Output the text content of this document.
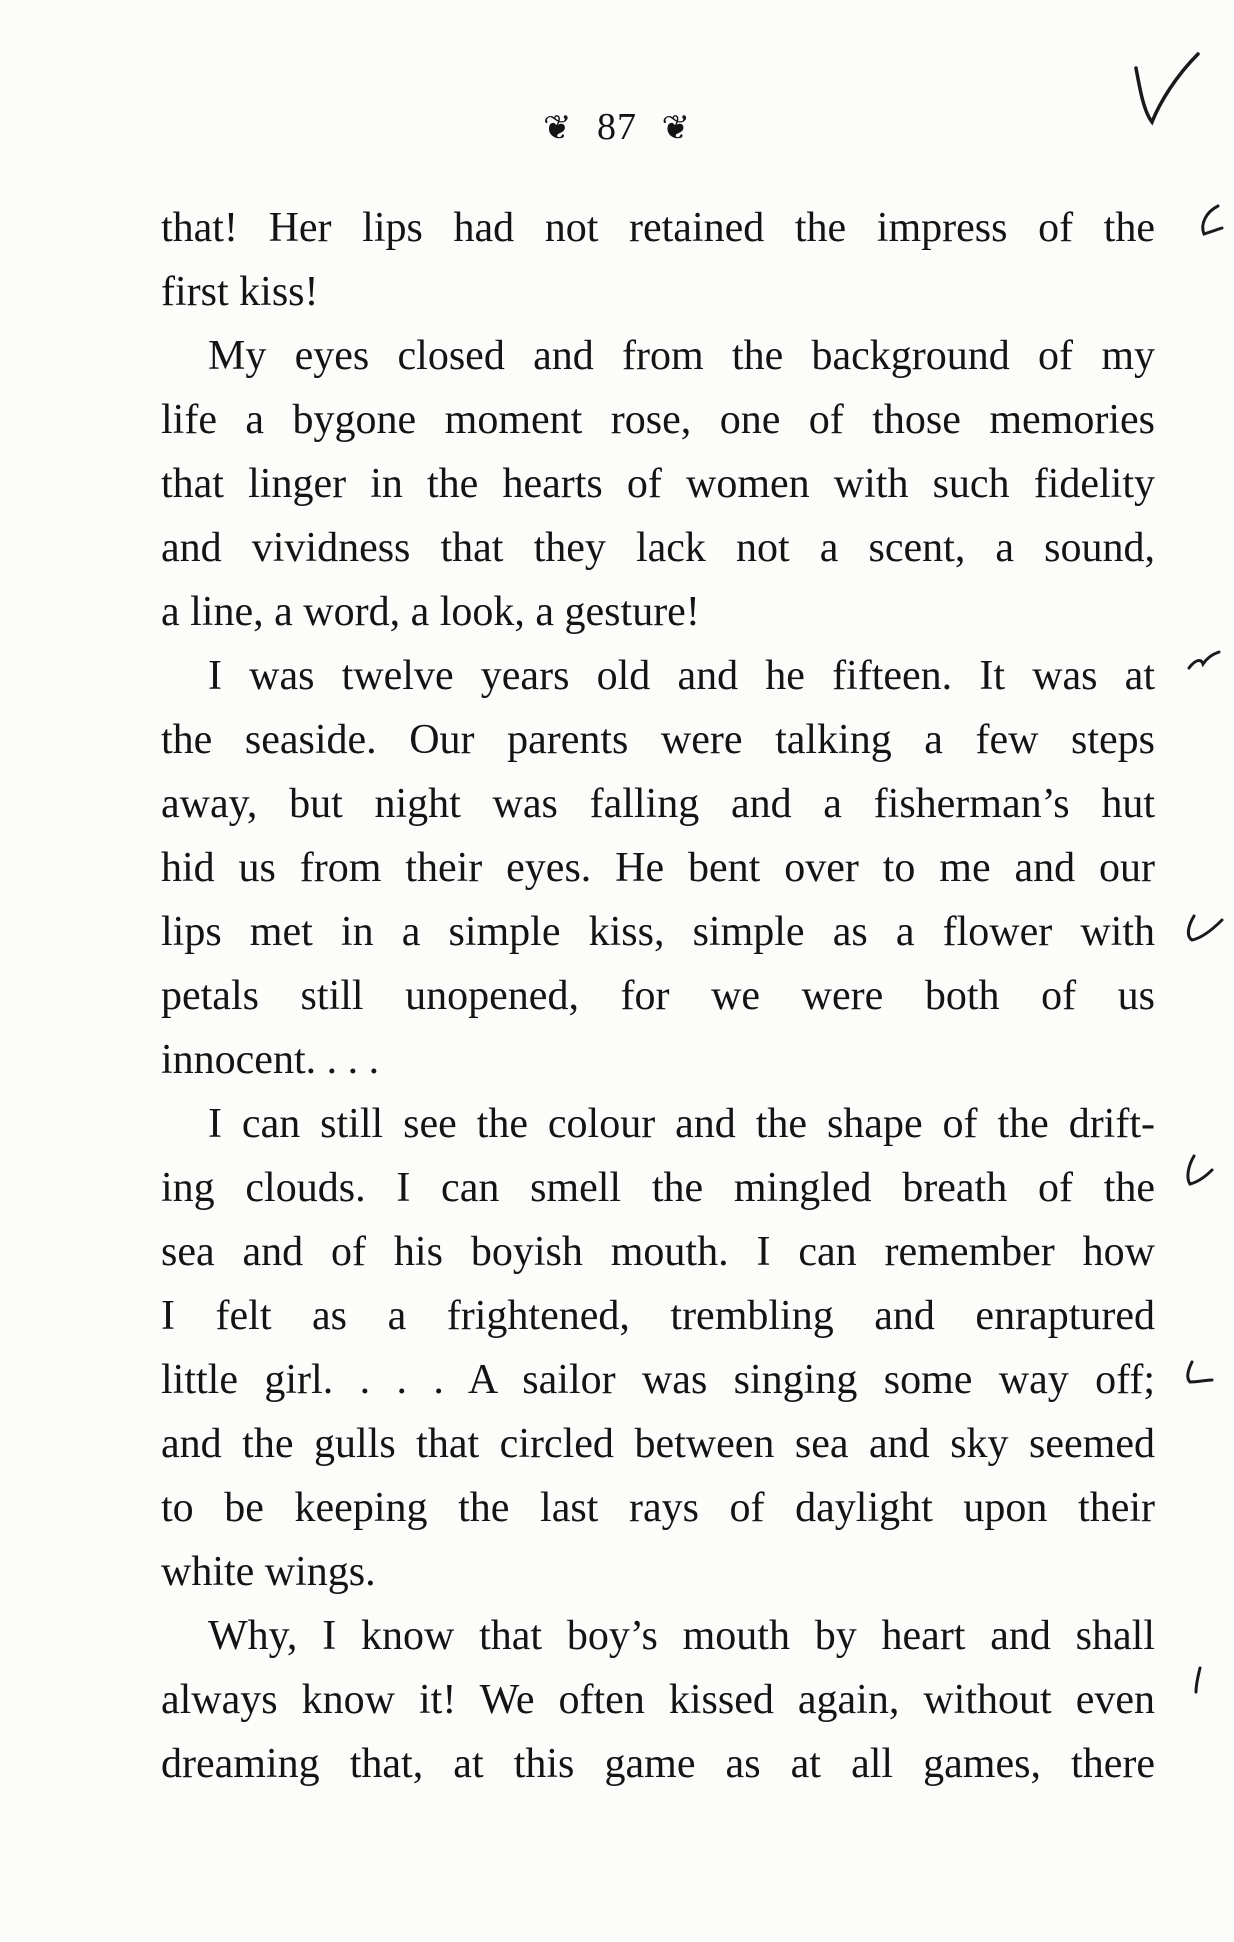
❦ 87 ❦
that! Her lips had not retained the impress of the
first kiss!
My eyes closed and from the background of my
life a bygone moment rose, one of those memories
that linger in the hearts of women with such fidelity
and vividness that they lack not a scent, a sound,
a line, a word, a look, a gesture!
I was twelve years old and he fifteen. It was at
the seaside. Our parents were talking a few steps
away, but night was falling and a fisherman’s hut
hid us from their eyes. He bent over to me and our
lips met in a simple kiss, simple as a flower with
petals still unopened, for we were both of us
innocent. . . .
I can still see the colour and the shape of the drift-
ing clouds. I can smell the mingled breath of the
sea and of his boyish mouth. I can remember how
I felt as a frightened, trembling and enraptured
little girl. . . . A sailor was singing some way off;
and the gulls that circled between sea and sky seemed
to be keeping the last rays of daylight upon their
white wings.
Why, I know that boy’s mouth by heart and shall
always know it! We often kissed again, without even
dreaming that, at this game as at all games, there
